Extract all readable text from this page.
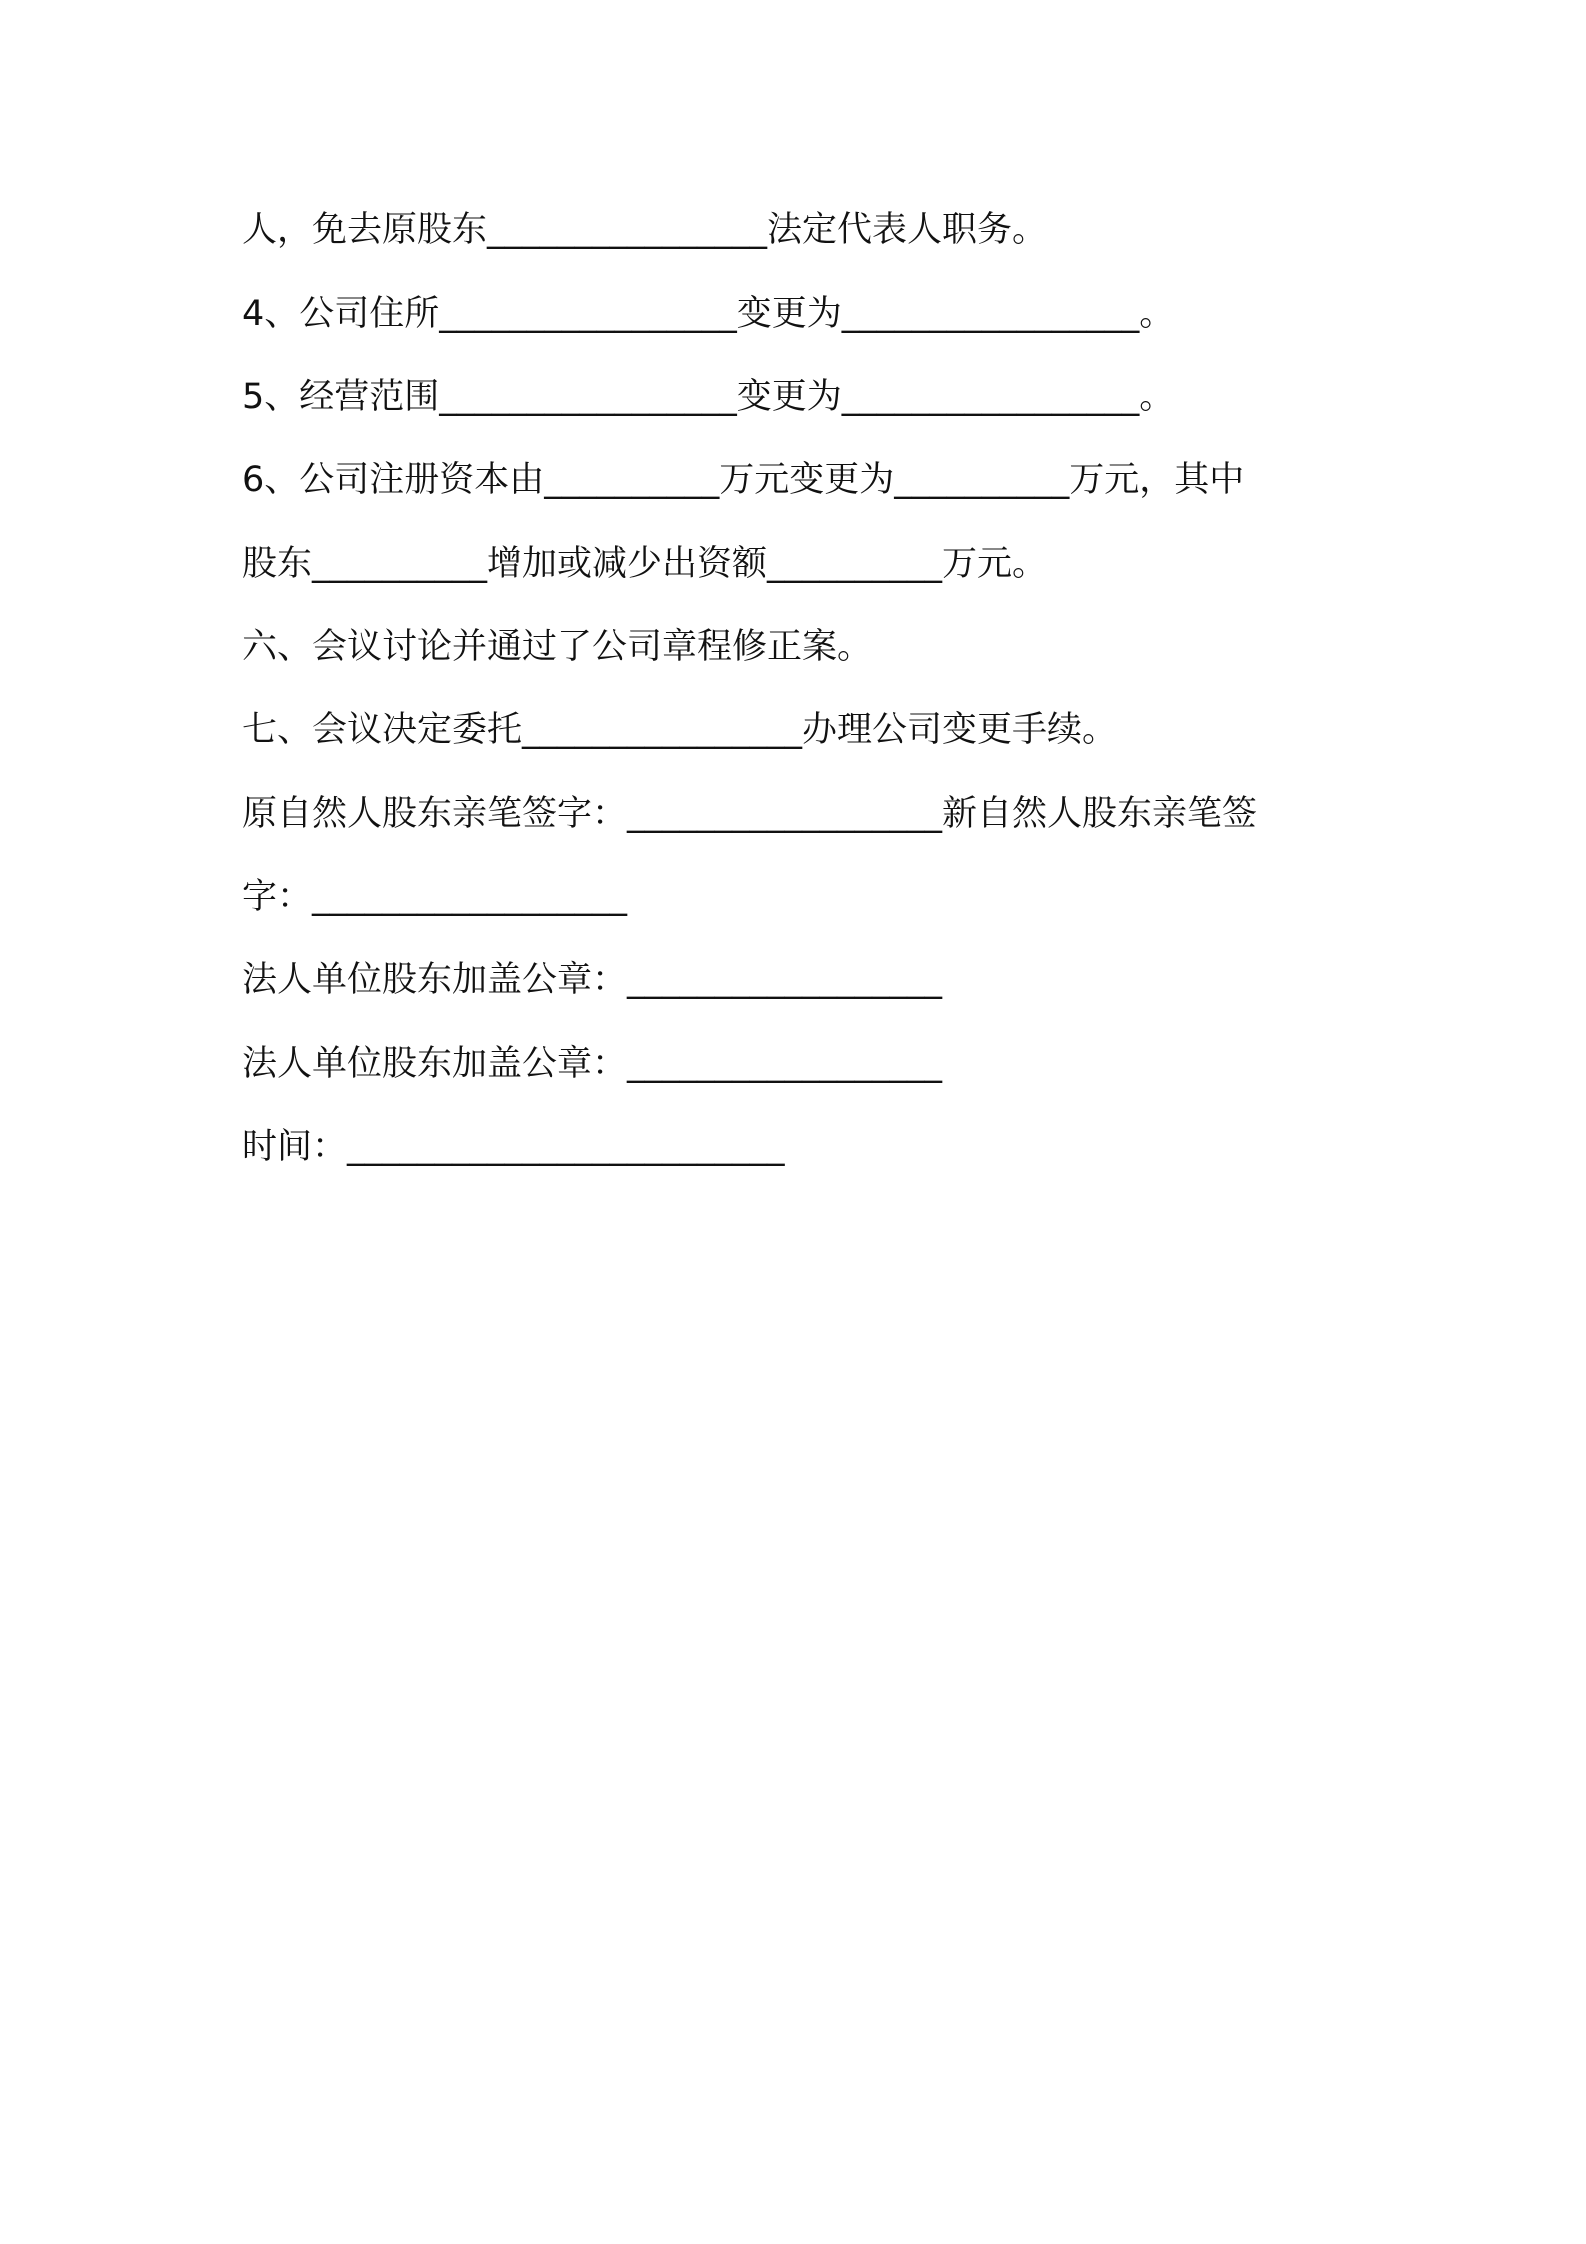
人，免去原股东________________法定代表人职务。
4、公司住所_________________变更为_________________。
5、经营范围_________________变更为_________________。
6、公司注册资本由__________万元变更为__________万元，其中
股东__________增加或减少出资额__________万元。
六、会议讨论并通过了公司章程修正案。
七、会议决定委托________________办理公司变更手续。
原自然人股东亲笔签字：__________________新自然人股东亲笔签
字：__________________
法人单位股东加盖公章：__________________
法人单位股东加盖公章：__________________
时间：_________________________
